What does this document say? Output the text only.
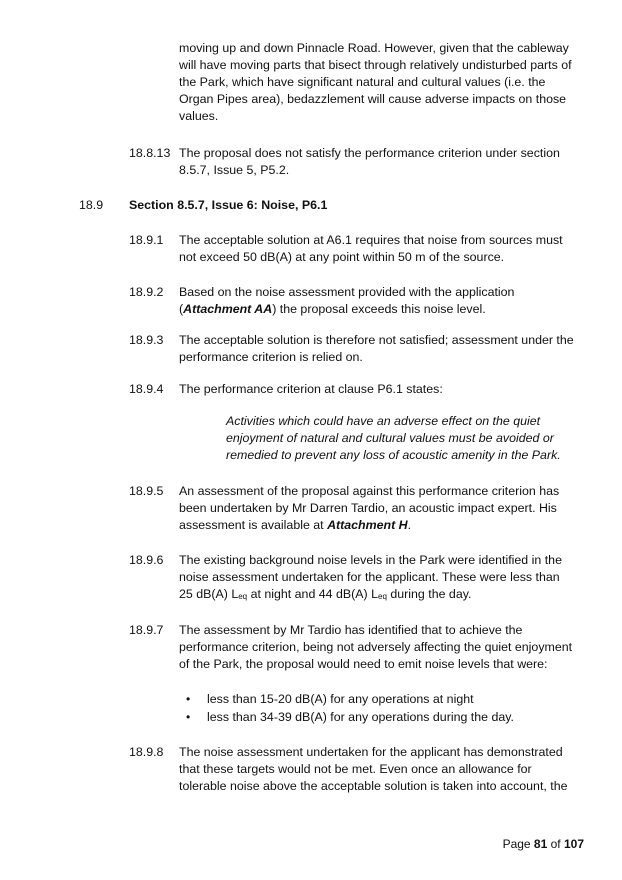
moving up and down Pinnacle Road. However, given that the cableway
will have moving parts that bisect through relatively undisturbed parts of
the Park, which have significant natural and cultural values (i.e. the
Organ Pipes area), bedazzlement will cause adverse impacts on those
values.
18.8.13 The proposal does not satisfy the performance criterion under section
8.5.7, Issue 5, P5.2.
18.9 Section 8.5.7, Issue 6: Noise, P6.1
18.9.1 The acceptable solution at A6.1 requires that noise from sources must
not exceed 50 dB(A) at any point within 50 m of the source.
18.9.2 Based on the noise assessment provided with the application
(Attachment AA) the proposal exceeds this noise level.
18.9.3 The acceptable solution is therefore not satisfied; assessment under the
performance criterion is relied on.
18.9.4 The performance criterion at clause P6.1 states:
Activities which could have an adverse effect on the quiet
enjoyment of natural and cultural values must be avoided or
remedied to prevent any loss of acoustic amenity in the Park.
18.9.5 An assessment of the proposal against this performance criterion has
been undertaken by Mr Darren Tardio, an acoustic impact expert. His
assessment is available at Attachment H.
18.9.6 The existing background noise levels in the Park were identified in the
noise assessment undertaken for the applicant. These were less than
25 dB(A) $L_{eq}$ at night and 44 dB(A) $L_{eq}$ during the day.
18.9.7 The assessment by Mr Tardio has identified that to achieve the
performance criterion, being not adversely affecting the quiet enjoyment
of the Park, the proposal would need to emit noise levels that were:
• less than 15-20 dB(A) for any operations at night
• less than 34-39 dB(A) for any operations during the day.
18.9.8 The noise assessment undertaken for the applicant has demonstrated
that these targets would not be met. Even once an allowance for
tolerable noise above the acceptable solution is taken into account, the
Page 81 of 107
